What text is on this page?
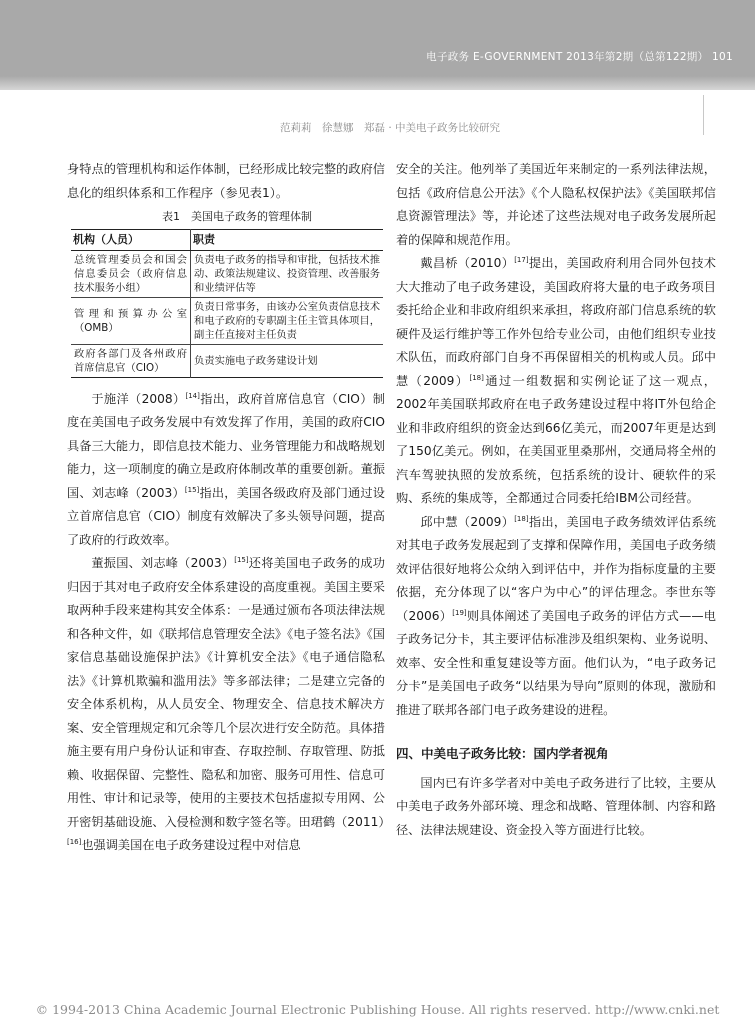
电子政务 E-GOVERNMENT 2013年第2期（总第122期） 101
范莉莉　徐慧娜　郑磊 · 中美电子政务比较研究

身特点的管理机构和运作体制，已经形成比较完整的政府信息化的组织体系和工作程序（参见表1）。

表1　美国电子政务的管理体制

机构（人员）	职责
总统管理委员会和国会信息委员会（政府信息技术服务小组）	负责电子政务的指导和审批，包括技术推动、政策法规建议、投资管理、改善服务和业绩评估等
管理和预算办公室（OMB）	负责日常事务，由该办公室负责信息技术和电子政府的专职副主任主管具体项目，副主任直接对主任负责
政府各部门及各州政府首席信息官（CIO）	负责实施电子政务建设计划

于施洋（2008）[14]指出，政府首席信息官（CIO）制度在美国电子政务发展中有效发挥了作用，美国的政府CIO具备三大能力，即信息技术能力、业务管理能力和战略规划能力，这一项制度的确立是政府体制改革的重要创新。董振国、刘志峰（2003）[15]指出，美国各级政府及部门通过设立首席信息官（CIO）制度有效解决了多头领导问题，提高了政府的行政效率。

董振国、刘志峰（2003）[15]还将美国电子政务的成功归因于其对电子政府安全体系建设的高度重视。美国主要采取两种手段来建构其安全体系：一是通过颁布各项法律法规和各种文件，如《联邦信息管理安全法》《电子签名法》《国家信息基础设施保护法》《计算机安全法》《电子通信隐私法》《计算机欺骗和滥用法》等多部法律；二是建立完备的安全体系机构，从人员安全、物理安全、信息技术解决方案、安全管理规定和冗余等几个层次进行安全防范。具体措施主要有用户身份认证和审查、存取控制、存取管理、防抵赖、收据保留、完整性、隐私和加密、服务可用性、信息可用性、审计和记录等，使用的主要技术包括虚拟专用网、公开密钥基础设施、入侵检测和数字签名等。田珺鹤（2011）[16]也强调美国在电子政务建设过程中对信息

安全的关注。他列举了美国近年来制定的一系列法律法规，包括《政府信息公开法》《个人隐私权保护法》《美国联邦信息资源管理法》等，并论述了这些法规对电子政务发展所起着的保障和规范作用。

戴昌桥（2010）[17]提出，美国政府利用合同外包技术大大推动了电子政务建设，美国政府将大量的电子政务项目委托给企业和非政府组织来承担，将政府部门信息系统的软硬件及运行维护等工作外包给专业公司，由他们组织专业技术队伍，而政府部门自身不再保留相关的机构或人员。邱中慧（2009）[18]通过一组数据和实例论证了这一观点，2002年美国联邦政府在电子政务建设过程中将IT外包给企业和非政府组织的资金达到66亿美元，而2007年更是达到了150亿美元。例如，在美国亚里桑那州，交通局将全州的汽车驾驶执照的发放系统，包括系统的设计、硬软件的采购、系统的集成等，全都通过合同委托给IBM公司经营。

邱中慧（2009）[18]指出，美国电子政务绩效评估系统对其电子政务发展起到了支撑和保障作用，美国电子政务绩效评估很好地将公众纳入到评估中，并作为指标度量的主要依据，充分体现了以“客户为中心”的评估理念。李世东等（2006）[19]则具体阐述了美国电子政务的评估方式——电子政务记分卡，其主要评估标准涉及组织架构、业务说明、效率、安全性和重复建设等方面。他们认为，“电子政务记分卡”是美国电子政务“以结果为导向”原则的体现，激励和推进了联邦各部门电子政务建设的进程。

四、中美电子政务比较：国内学者视角

国内已有许多学者对中美电子政务进行了比较，主要从中美电子政务外部环境、理念和战略、管理体制、内容和路径、法律法规建设、资金投入等方面进行比较。

© 1994-2013 China Academic Journal Electronic Publishing House. All rights reserved. http://www.cnki.net
